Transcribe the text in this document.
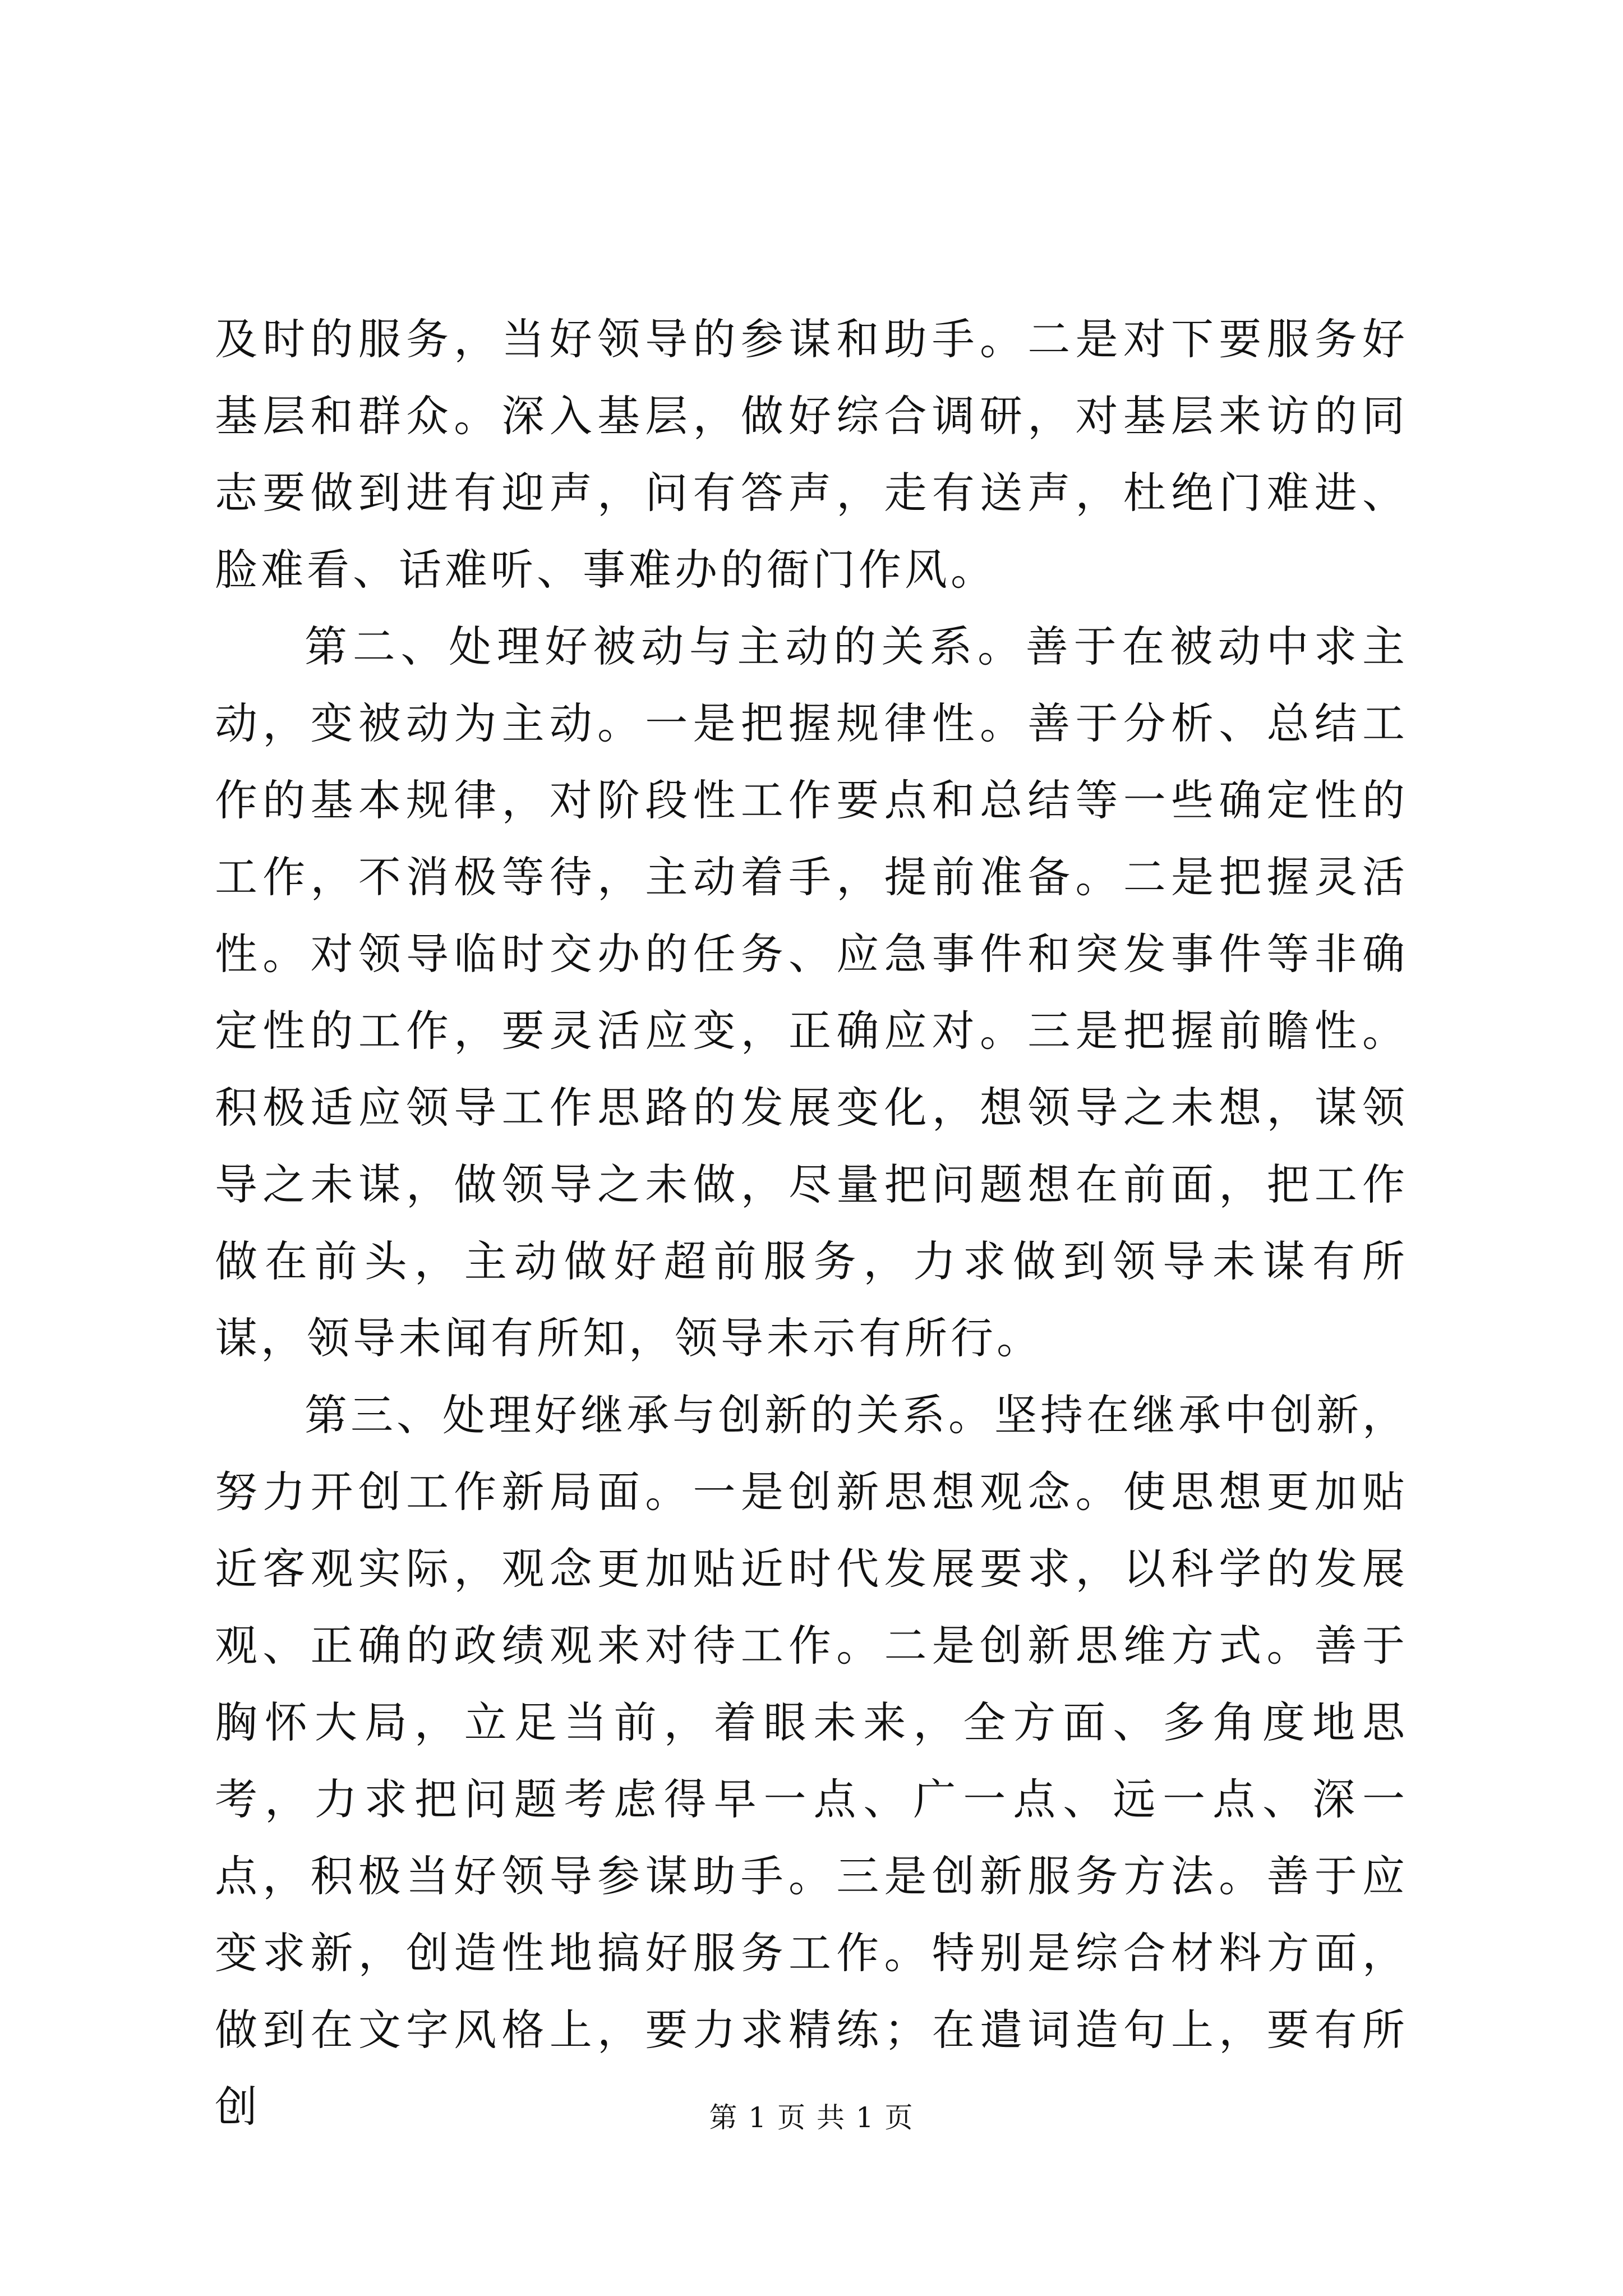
及时的服务，当好领导的参谋和助手。二是对下要服务好基层和群众。深入基层，做好综合调研，对基层来访的同志要做到进有迎声，问有答声，走有送声，杜绝门难进、脸难看、话难听、事难办的衙门作风。

第二、处理好被动与主动的关系。善于在被动中求主动，变被动为主动。一是把握规律性。善于分析、总结工作的基本规律，对阶段性工作要点和总结等一些确定性的工作，不消极等待，主动着手，提前准备。二是把握灵活性。对领导临时交办的任务、应急事件和突发事件等非确定性的工作，要灵活应变，正确应对。三是把握前瞻性。积极适应领导工作思路的发展变化，想领导之未想，谋领导之未谋，做领导之未做，尽量把问题想在前面，把工作做在前头，主动做好超前服务，力求做到领导未谋有所谋，领导未闻有所知，领导未示有所行。

第三、处理好继承与创新的关系。坚持在继承中创新，努力开创工作新局面。一是创新思想观念。使思想更加贴近客观实际，观念更加贴近时代发展要求，以科学的发展观、正确的政绩观来对待工作。二是创新思维方式。善于胸怀大局，立足当前，着眼未来，全方面、多角度地思考，力求把问题考虑得早一点、广一点、远一点、深一点，积极当好领导参谋助手。三是创新服务方法。善于应变求新，创造性地搞好服务工作。特别是综合材料方面，做到在文字风格上，要力求精练；在遣词造句上，要有所创	第 1 页 共 1 页
